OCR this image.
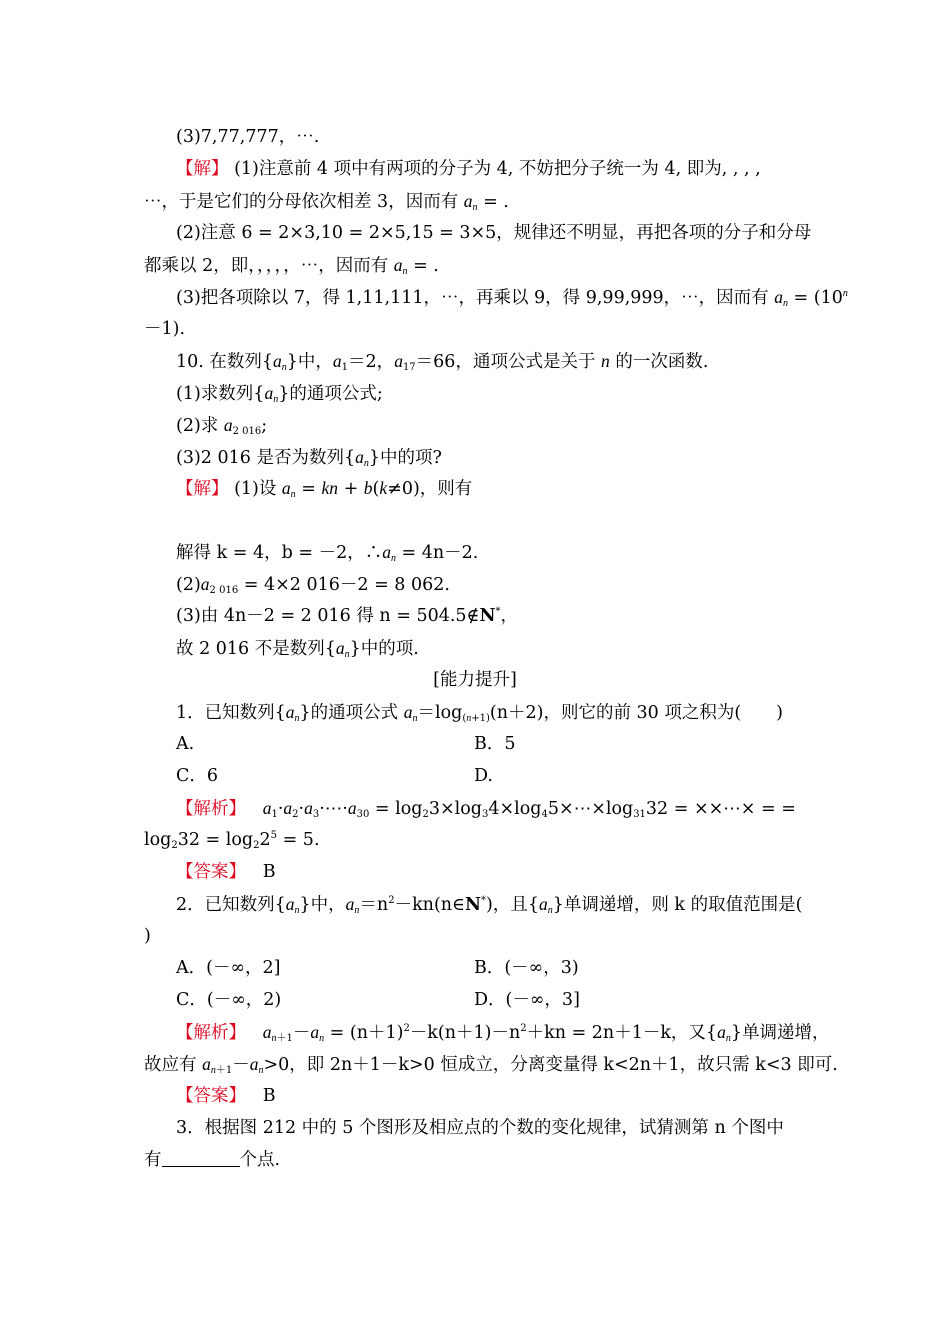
(3)7,77,777，⋯.
【解】 (1)注意前 4 项中有两项的分子为 4, 不妨把分子统一为 4, 即为, , , ,
⋯，于是它们的分母依次相差 3，因而有 $a_n$ = .
(2)注意 6 = 2×3,10 = 2×5,15 = 3×5，规律还不明显，再把各项的分子和分母
都乘以 2，即，，，，，⋯，因而有 $a_n$ = .
(3)把各项除以 7，得 1,11,111，⋯，再乘以 9，得 9,99,999，⋯，因而有 $a_n = (10^n$
－1).
10. 在数列$\{a_n\}$中，$a_1=2$，$a_{17}=66$，通项公式是关于 n 的一次函数.
(1)求数列$\{a_n\}$的通项公式;
(2)求 $a_{2 016}$;
(3)2 016 是否为数列$\{a_n\}$中的项?
【解】 (1)设 $a_n$ = kn + b(k≠0)，则有
解得 k = 4，b = －2，$\therefore a_n = 4n-2$.
$(2)a_{2 016} = 4\times 2$ 016－2 = 8 062.
(3)由 4n－2 = 2 016 得 n = 504.5∉N*，
故 2 016 不是数列$\{a_n\}$中的项.
[能力提升]
1．已知数列$\{a_n\}$的通项公式 $a_n=\log_{(n+1)}(n+2)$，则它的前 30 项之积为(　　)
A.	B．5
C．6	D.
【解析】 $a_1\cdot a_2\cdot a_3\cdot\cdots\cdot a_{30}$ = $\log_23\times\log_34\times\log_45\times\cdots\times\log_{31}32$ = ××⋯× = =
$\log_232 = \log_22^5 = 5$.
【答案】 B
2．已知数列$\{a_n\}$中，$a_n=n^2-kn(n\in N^*)$，且$\{a_n\}$单调递增，则 k 的取值范围是(
)
A．(－∞，2]	B．(－∞，3)
C．(－∞，2)	D．(－∞，3]
【解析】 $a_{n+1}-a_n = (n+1)^2-k(n+1)-n^2+kn = 2n+1-k$，又$\{a_n\}$单调递增，
故应有 $a_{n+1}-a_n>0$，即 2n＋1－k>0 恒成立，分离变量得 k<2n＋1，故只需 k<3 即可.
【答案】 B
3．根据图 212 中的 5 个图形及相应点的个数的变化规律，试猜测第 n 个图中
有	个点.
